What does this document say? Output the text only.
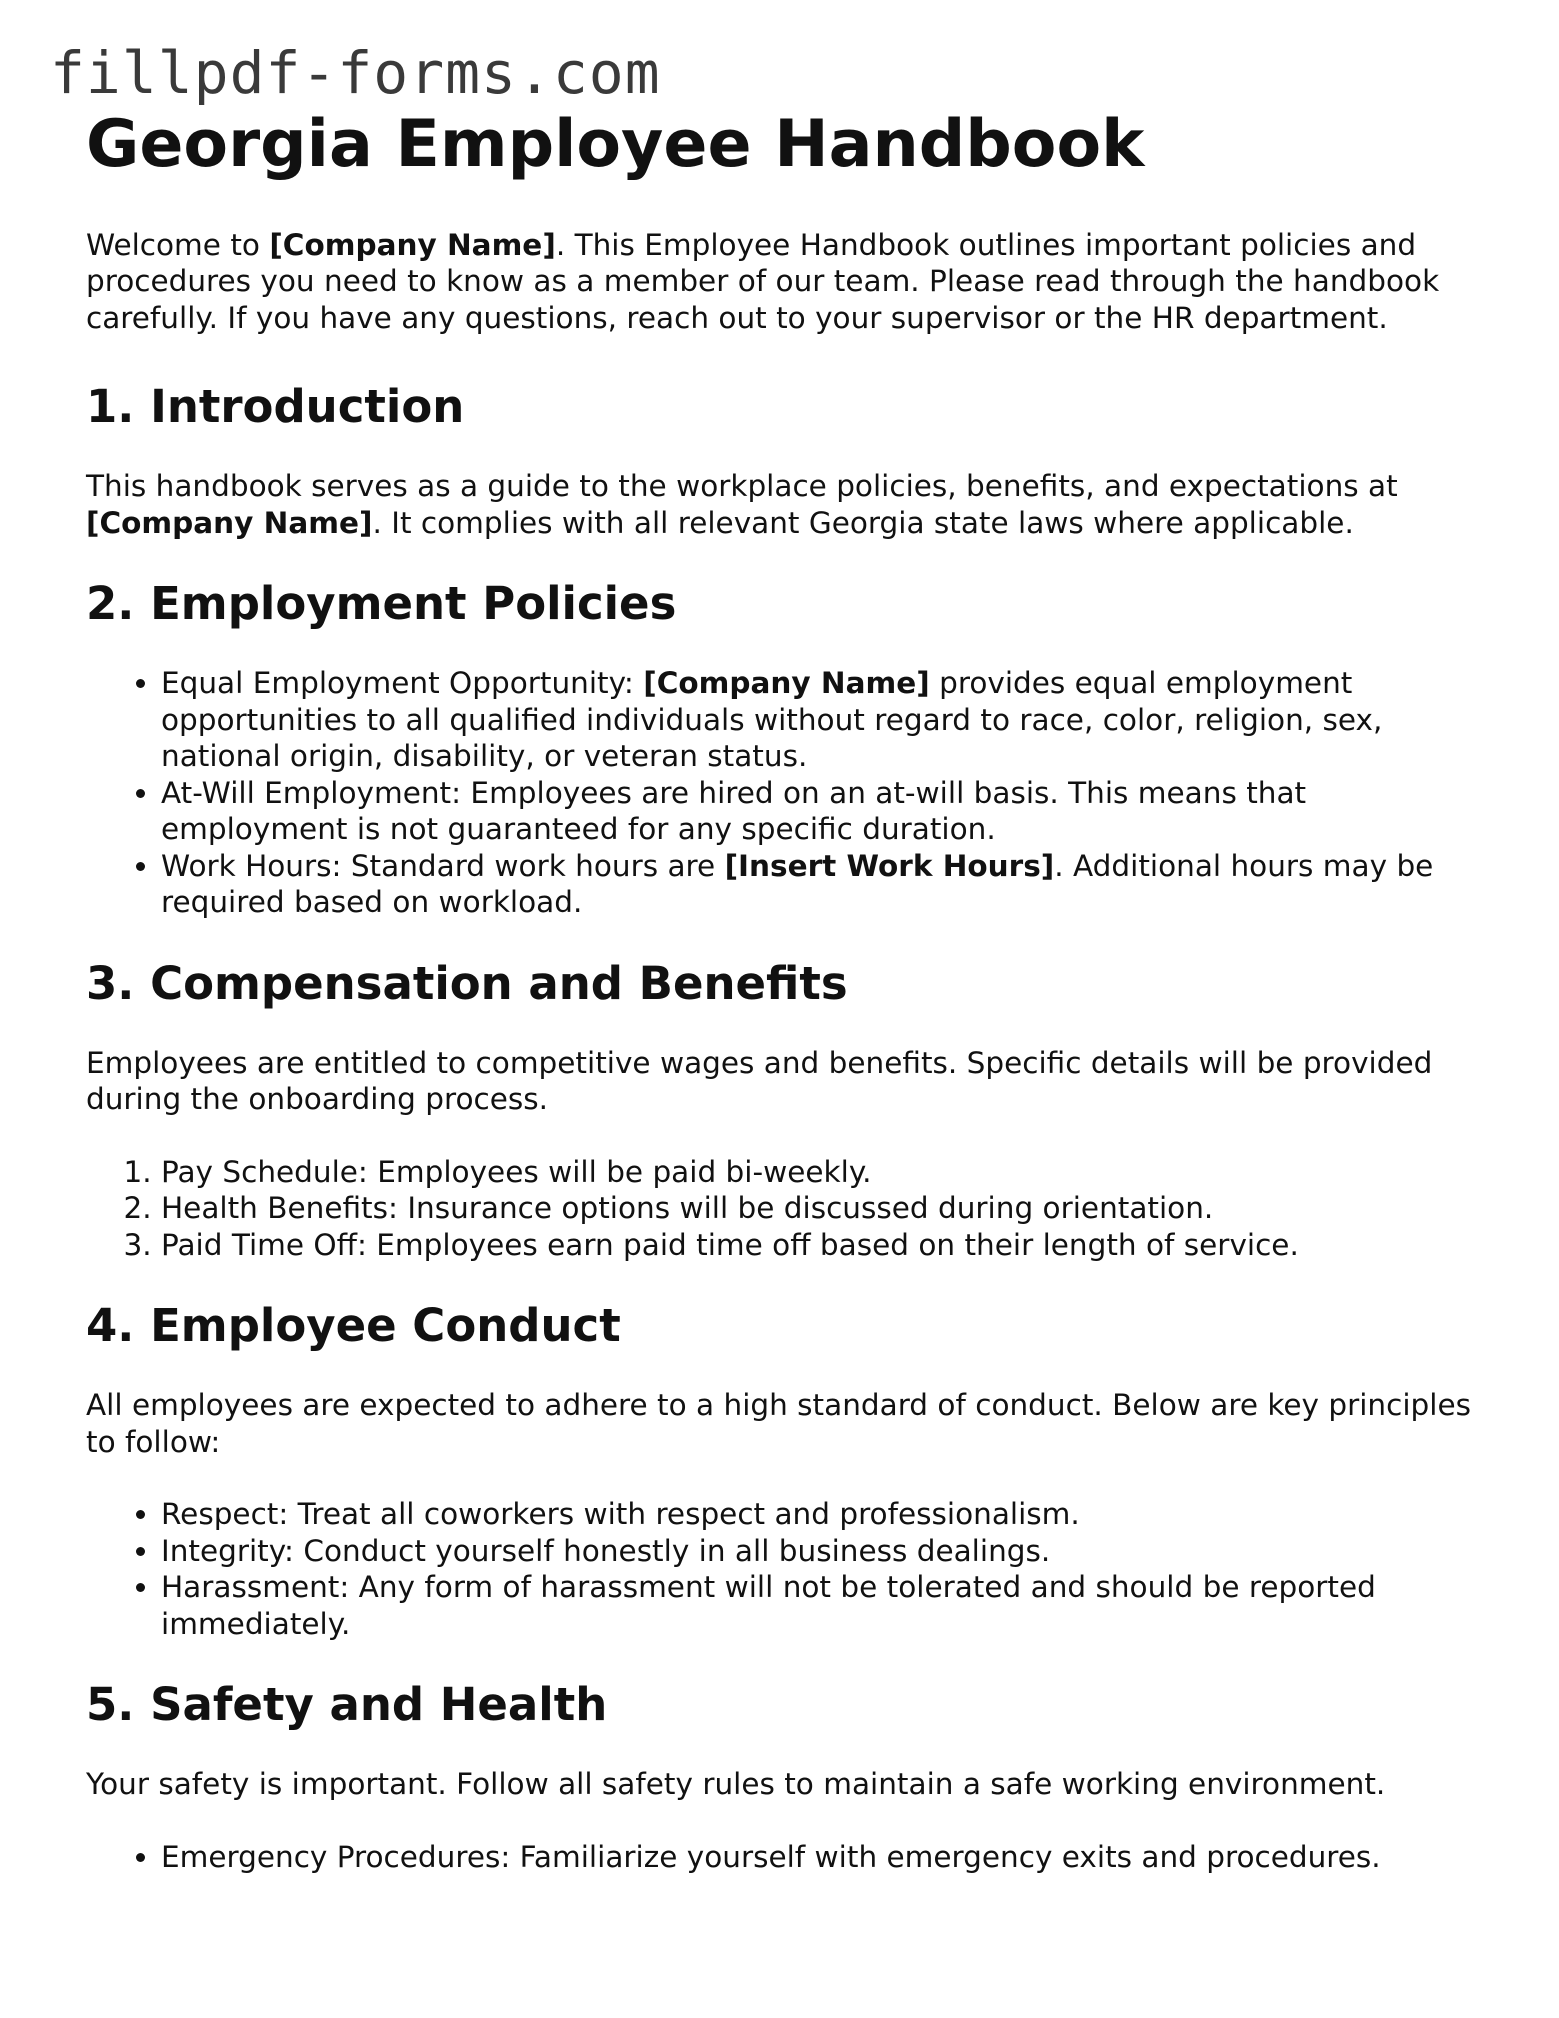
fillpdf-forms.com
Georgia Employee Handbook

Welcome to [Company Name]. This Employee Handbook outlines important policies and procedures you need to know as a member of our team. Please read through the handbook carefully. If you have any questions, reach out to your supervisor or the HR department.

1. Introduction

This handbook serves as a guide to the workplace policies, benefits, and expectations at [Company Name]. It complies with all relevant Georgia state laws where applicable.

2. Employment Policies
• Equal Employment Opportunity: [Company Name] provides equal employment opportunities to all qualified individuals without regard to race, color, religion, sex, national origin, disability, or veteran status.
• At-Will Employment: Employees are hired on an at-will basis. This means that employment is not guaranteed for any specific duration.
• Work Hours: Standard work hours are [Insert Work Hours]. Additional hours may be required based on workload.
3. Compensation and Benefits

Employees are entitled to competitive wages and benefits. Specific details will be provided during the onboarding process.

1. Pay Schedule: Employees will be paid bi-weekly.
2. Health Benefits: Insurance options will be discussed during orientation.
3. Paid Time Off: Employees earn paid time off based on their length of service.
4. Employee Conduct

All employees are expected to adhere to a high standard of conduct. Below are key principles to follow:

• Respect: Treat all coworkers with respect and professionalism.
• Integrity: Conduct yourself honestly in all business dealings.
• Harassment: Any form of harassment will not be tolerated and should be reported immediately.
5. Safety and Health

Your safety is important. Follow all safety rules to maintain a safe working environment.

• Emergency Procedures: Familiarize yourself with emergency exits and procedures.
